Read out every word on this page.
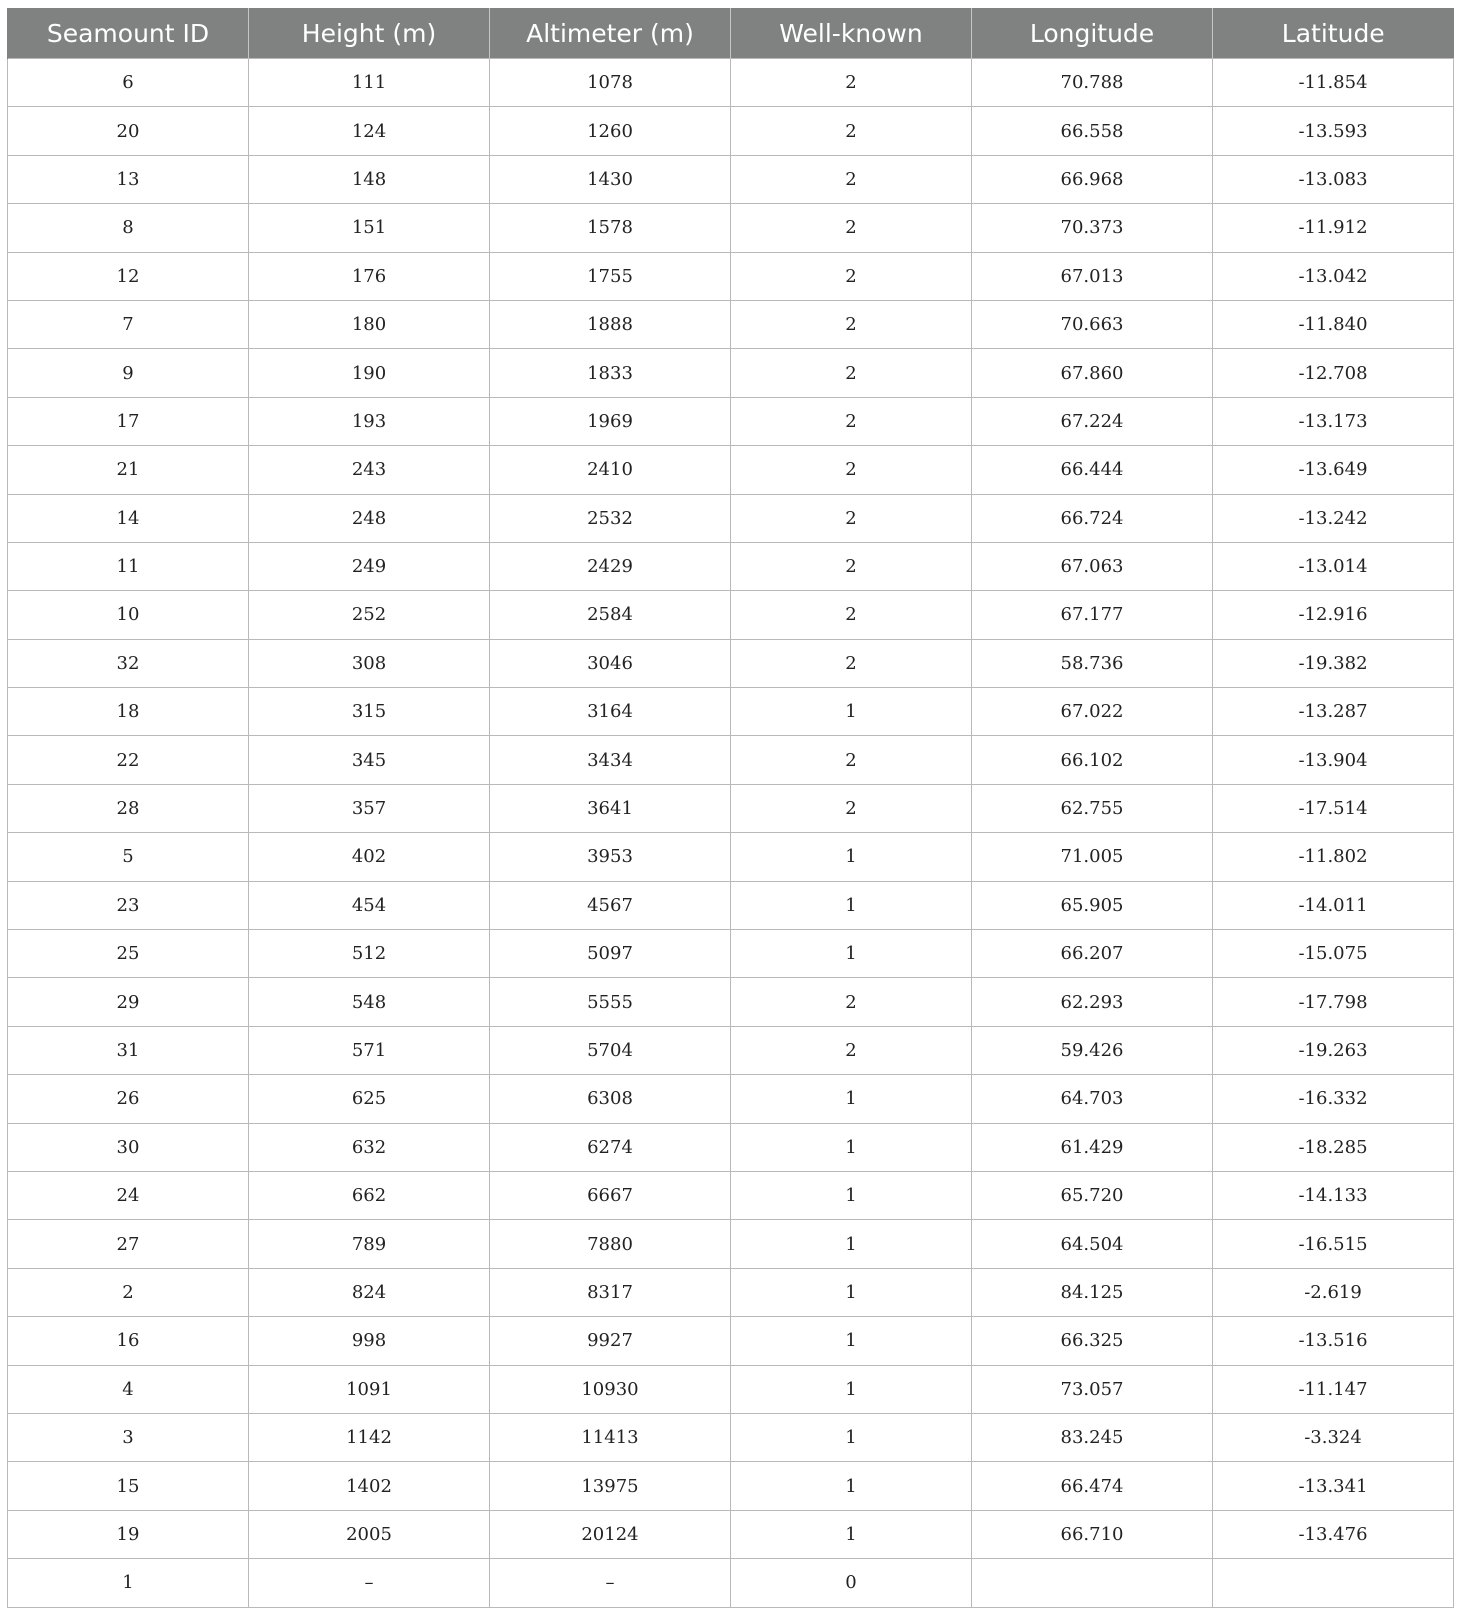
Seamount ID	Height (m)	Altimeter (m)	Well-known	Longitude	Latitude
6	111	1078	2	70.788	-11.854
20	124	1260	2	66.558	-13.593
13	148	1430	2	66.968	-13.083
8	151	1578	2	70.373	-11.912
12	176	1755	2	67.013	-13.042
7	180	1888	2	70.663	-11.840
9	190	1833	2	67.860	-12.708
17	193	1969	2	67.224	-13.173
21	243	2410	2	66.444	-13.649
14	248	2532	2	66.724	-13.242
11	249	2429	2	67.063	-13.014
10	252	2584	2	67.177	-12.916
32	308	3046	2	58.736	-19.382
18	315	3164	1	67.022	-13.287
22	345	3434	2	66.102	-13.904
28	357	3641	2	62.755	-17.514
5	402	3953	1	71.005	-11.802
23	454	4567	1	65.905	-14.011
25	512	5097	1	66.207	-15.075
29	548	5555	2	62.293	-17.798
31	571	5704	2	59.426	-19.263
26	625	6308	1	64.703	-16.332
30	632	6274	1	61.429	-18.285
24	662	6667	1	65.720	-14.133
27	789	7880	1	64.504	-16.515
2	824	8317	1	84.125	-2.619
16	998	9927	1	66.325	-13.516
4	1091	10930	1	73.057	-11.147
3	1142	11413	1	83.245	-3.324
15	1402	13975	1	66.474	-13.341
19	2005	20124	1	66.710	-13.476
1	–	–	0		
